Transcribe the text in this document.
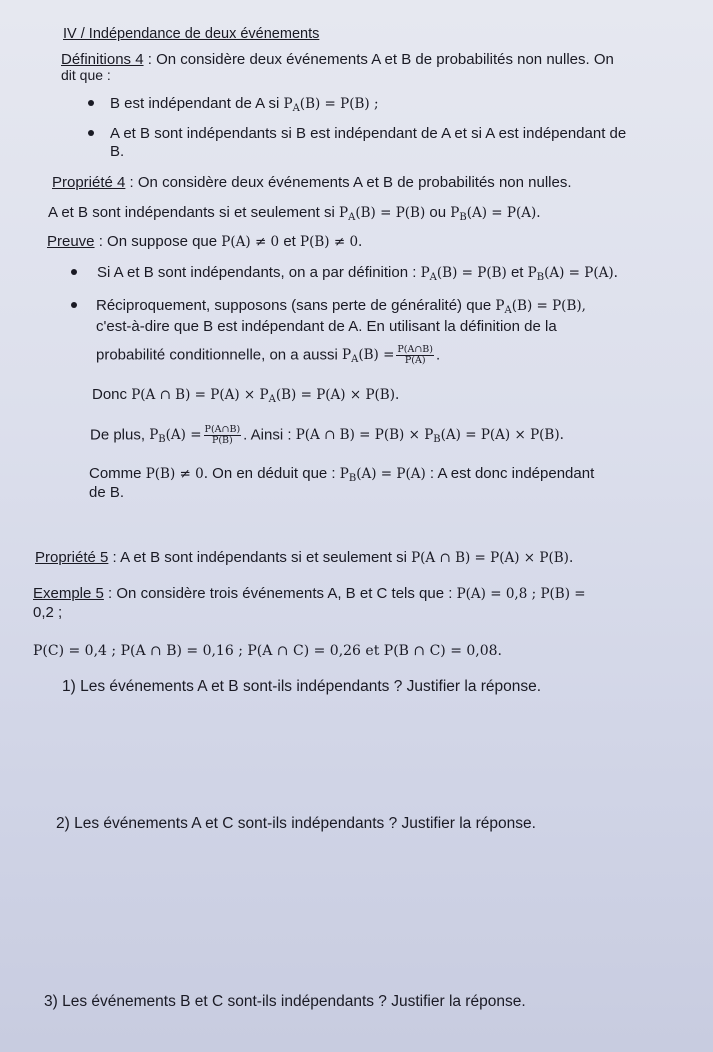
IV / Indépendance de deux événements
Définitions 4 : On considère deux événements A et B de probabilités non nulles. On
dit que :
B est indépendant de A si $P_A(B) = P(B)$ ;
A et B sont indépendants si B est indépendant de A et si A est indépendant de
B.
Propriété 4 : On considère deux événements A et B de probabilités non nulles.
A et B sont indépendants si et seulement si $P_A(B) = P(B)$ ou $P_B(A) = P(A)$.
Preuve : On suppose que P(A) ≠ 0 et P(B) ≠ 0.
Si A et B sont indépendants, on a par définition : $P_A(B) = P(B)$ et $P_B(A) = P(A)$.
Réciproquement, supposons (sans perte de généralité) que $P_A(B) = P(B)$,
c'est-à-dire que B est indépendant de A. En utilisant la définition de la
probabilité conditionnelle, on a aussi $P_A(B) = \frac{P(A\cap B)}{P(A)}$ .
Donc P(A ∩ $B) = P(A) \times P_A(B) = P(A) \times P(B)$.
De plus, $P_B(A) = \frac{P(A\cap B)}{P(B)}$ . Ainsi : P(A ∩ $B) = P(B) \times P_B(A) = P(A) \times P(B)$.
Comme P(B) ≠ 0. On en déduit que : $P_B(A) = P(A)$ : A est donc indépendant
de B.
Propriété 5 : A et B sont indépendants si et seulement si P(A ∩ B) = P(A) × P(B).
Exemple 5 : On considère trois événements A, B et C tels que : P(A) = 0,8 ; P(B) =
0,2 ;
P(C) = 0,4 ; P(A ∩ B) = 0,16 ; P(A ∩ C) = 0,26 et P(B ∩ C) = 0,08.
1) Les événements A et B sont-ils indépendants ? Justifier la réponse.
2) Les événements A et C sont-ils indépendants ? Justifier la réponse.
3) Les événements B et C sont-ils indépendants ? Justifier la réponse.
